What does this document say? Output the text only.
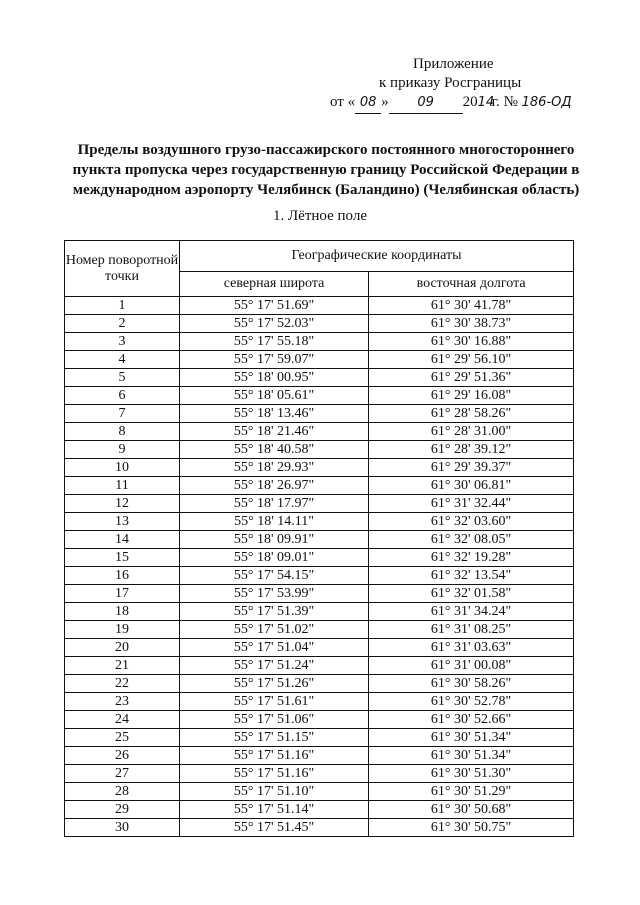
Приложение
к приказу Росграницы
от « 08 » 09 2014г. № 186-ОД
Пределы воздушного грузо-пассажирского постоянного многостороннего
пункта пропуска через государственную границу Российской Федерации в
международном аэропорту Челябинск (Баландино) (Челябинская область)
1. Лётное поле
Номер поворотной точки	Географические координаты	
	северная широта	восточная долгота
1	55° 17' 51.69"	61° 30' 41.78"
2	55° 17' 52.03"	61° 30' 38.73"
3	55° 17' 55.18"	61° 30' 16.88"
4	55° 17' 59.07"	61° 29' 56.10"
5	55° 18' 00.95"	61° 29' 51.36"
6	55° 18' 05.61"	61° 29' 16.08"
7	55° 18' 13.46"	61° 28' 58.26"
8	55° 18' 21.46"	61° 28' 31.00"
9	55° 18' 40.58"	61° 28' 39.12"
10	55° 18' 29.93"	61° 29' 39.37"
11	55° 18' 26.97"	61° 30' 06.81"
12	55° 18' 17.97"	61° 31' 32.44"
13	55° 18' 14.11"	61° 32' 03.60"
14	55° 18' 09.91"	61° 32' 08.05"
15	55° 18' 09.01"	61° 32' 19.28"
16	55° 17' 54.15"	61° 32' 13.54"
17	55° 17' 53.99"	61° 32' 01.58"
18	55° 17' 51.39"	61° 31' 34.24"
19	55° 17' 51.02"	61° 31' 08.25"
20	55° 17' 51.04"	61° 31' 03.63"
21	55° 17' 51.24"	61° 31' 00.08"
22	55° 17' 51.26"	61° 30' 58.26"
23	55° 17' 51.61"	61° 30' 52.78"
24	55° 17' 51.06"	61° 30' 52.66"
25	55° 17' 51.15"	61° 30' 51.34"
26	55° 17' 51.16"	61° 30' 51.34"
27	55° 17' 51.16"	61° 30' 51.30"
28	55° 17' 51.10"	61° 30' 51.29"
29	55° 17' 51.14"	61° 30' 50.68"
30	55° 17' 51.45"	61° 30' 50.75"
